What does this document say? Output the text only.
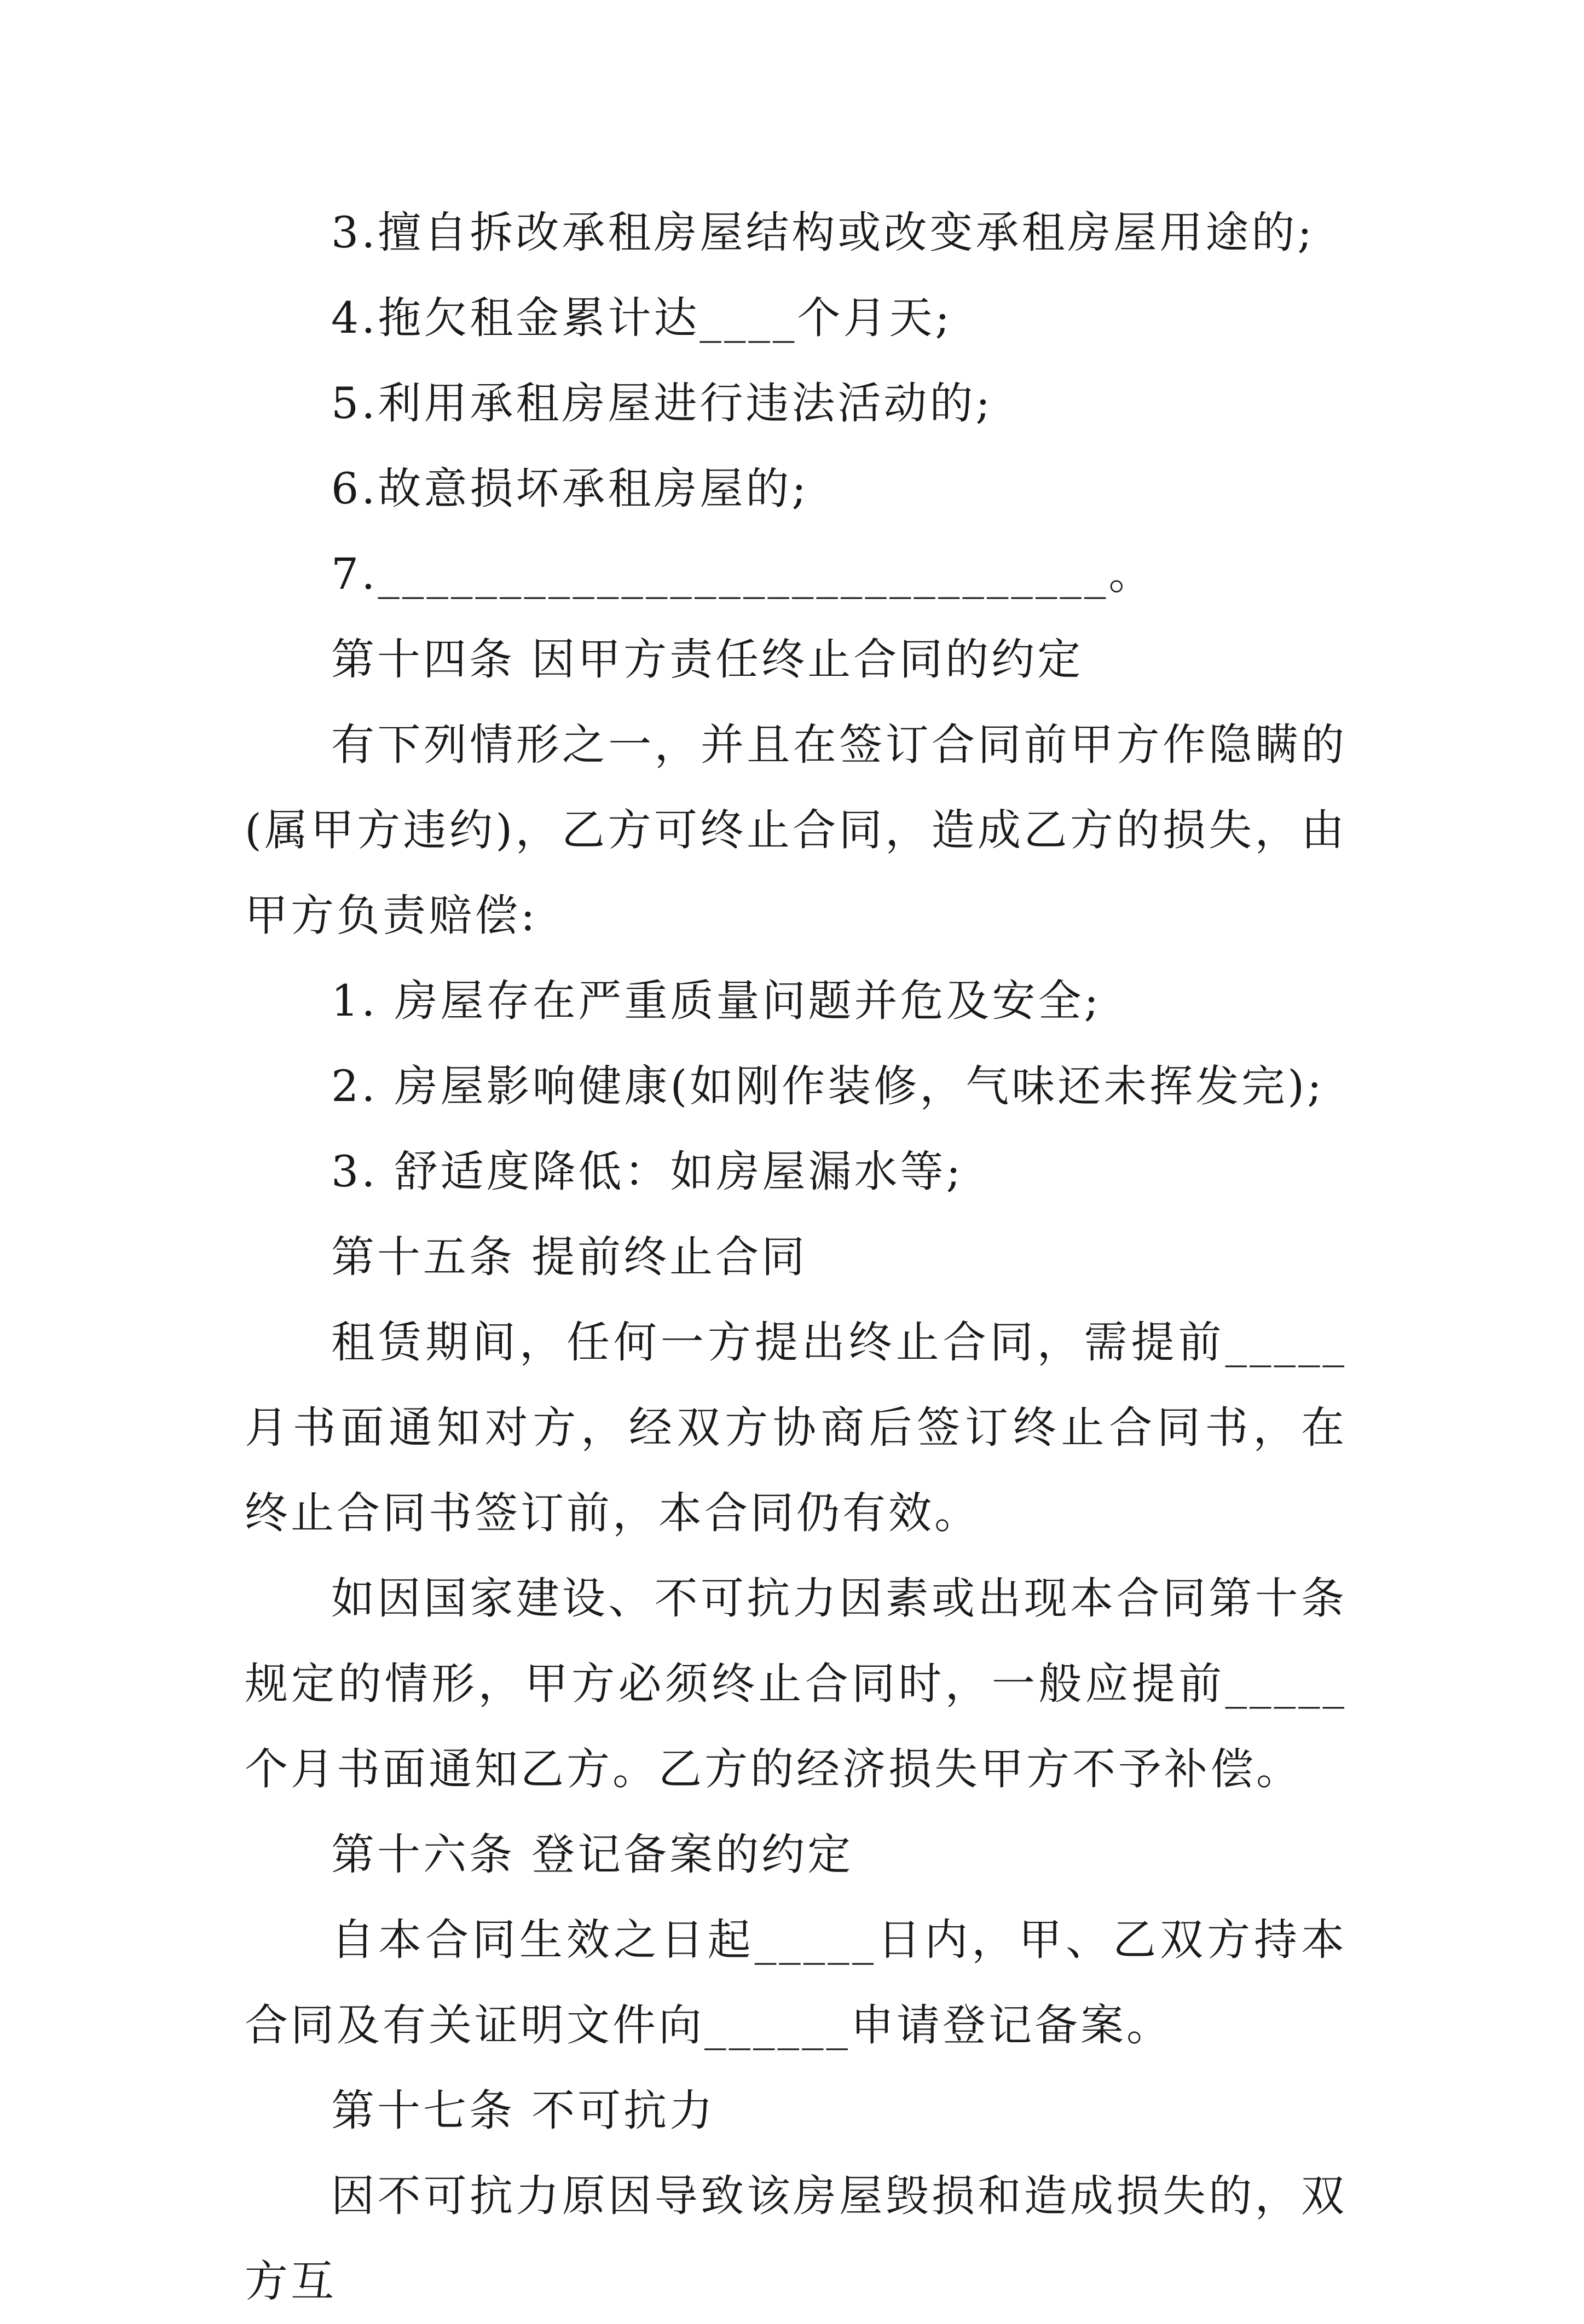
3.擅自拆改承租房屋结构或改变承租房屋用途的;

4.拖欠租金累计达____个月天;

5.利用承租房屋进行违法活动的;

6.故意损坏承租房屋的;

7.______________________________。

第十四条 因甲方责任终止合同的约定

有下列情形之一，并且在签订合同前甲方作隐瞒的(属甲方违约)，乙方可终止合同，造成乙方的损失，由甲方负责赔偿:

1. 房屋存在严重质量问题并危及安全;

2. 房屋影响健康(如刚作装修，气味还未挥发完);

3. 舒适度降低：如房屋漏水等;

第十五条 提前终止合同

租赁期间，任何一方提出终止合同，需提前_____月书面通知对方，经双方协商后签订终止合同书，在终止合同书签订前，本合同仍有效。

如因国家建设、不可抗力因素或出现本合同第十条规定的情形，甲方必须终止合同时，一般应提前_____个月书面通知乙方。乙方的经济损失甲方不予补偿。

第十六条 登记备案的约定

自本合同生效之日起_____日内，甲、乙双方持本合同及有关证明文件向______申请登记备案。

第十七条 不可抗力

因不可抗力原因导致该房屋毁损和造成损失的，双方互
